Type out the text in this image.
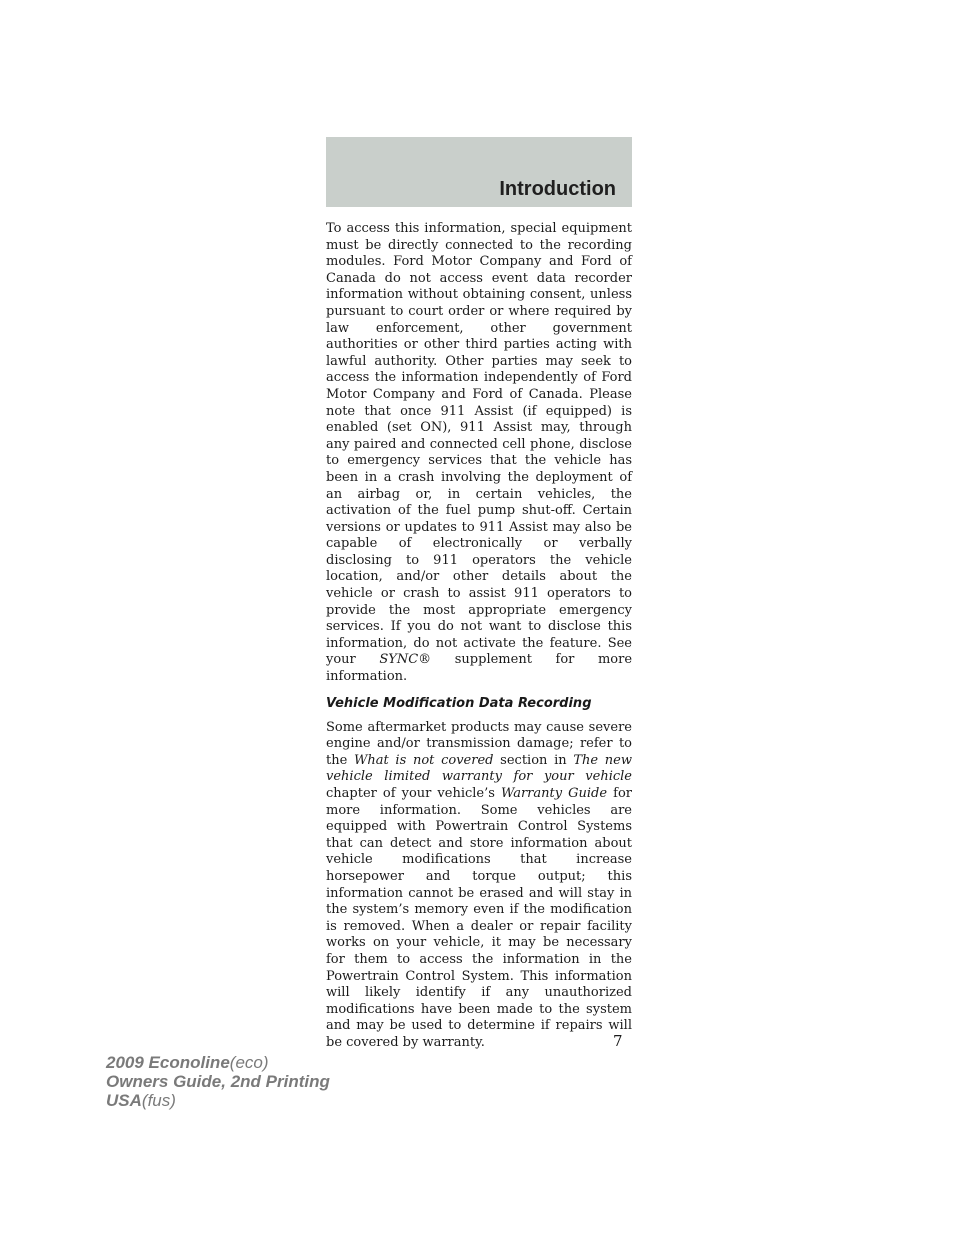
Introduction

To access this information, special equipment must be directly connected to the recording modules. Ford Motor Company and Ford of Canada do not access event data recorder information without obtaining consent, unless pursuant to court order or where required by law enforcement, other government authorities or other third parties acting with lawful authority. Other parties may seek to access the information independently of Ford Motor Company and Ford of Canada. Please note that once 911 Assist (if equipped) is enabled (set ON), 911 Assist may, through any paired and connected cell phone, disclose to emergency services that the vehicle has been in a crash involving the deployment of an airbag or, in certain vehicles, the activation of the fuel pump shut-off. Certain versions or updates to 911 Assist may also be capable of electronically or verbally disclosing to 911 operators the vehicle location, and/or other details about the vehicle or crash to assist 911 operators to provide the most appropriate emergency services. If you do not want to disclose this information, do not activate the feature. See your SYNC® supplement for more information.

Vehicle Modification Data Recording

Some aftermarket products may cause severe engine and/or transmission damage; refer to the What is not covered section in The new vehicle limited warranty for your vehicle chapter of your vehicle’s Warranty Guide for more information. Some vehicles are equipped with Powertrain Control Systems that can detect and store information about vehicle modifications that increase horsepower and torque output; this information cannot be erased and will stay in the system’s memory even if the modification is removed. When a dealer or repair facility works on your vehicle, it may be necessary for them to access the information in the Powertrain Control System. This information will likely identify if any unauthorized modifications have been made to the system and may be used to determine if repairs will be covered by warranty.	7
2009 Econoline(eco)
Owners Guide, 2nd Printing
USA(fus)
